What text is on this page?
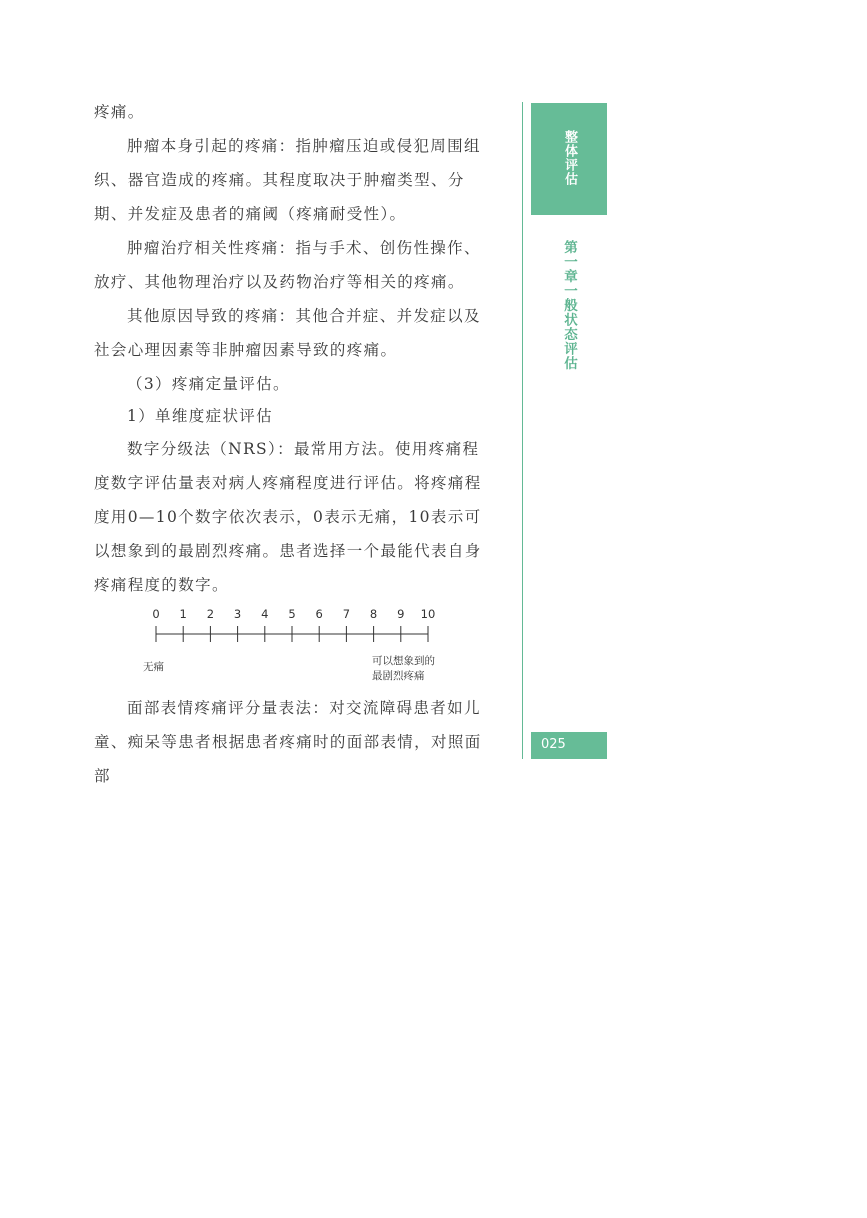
疼痛。

肿瘤本身引起的疼痛：指肿瘤压迫或侵犯周围组织、器官造成的疼痛。其程度取决于肿瘤类型、分期、并发症及患者的痛阈（疼痛耐受性）。

肿瘤治疗相关性疼痛：指与手术、创伤性操作、放疗、其他物理治疗以及药物治疗等相关的疼痛。

其他原因导致的疼痛：其他合并症、并发症以及社会心理因素等非肿瘤因素导致的疼痛。

（3）疼痛定量评估。

1）单维度症状评估

数字分级法（NRS）：最常用方法。使用疼痛程度数字评估量表对病人疼痛程度进行评估。将疼痛程度用0—10个数字依次表示，0表示无痛，10表示可以想象到的最剧烈疼痛。患者选择一个最能代表自身疼痛程度的数字。

0 1 2 3 4 5 6 7 8 9 10
无痛	可以想象到的
最剧烈疼痛

面部表情疼痛评分量表法：对交流障碍患者如儿童、痴呆等患者根据患者疼痛时的面部表情，对照面部

整体评估
第一章一般状态评估
025
